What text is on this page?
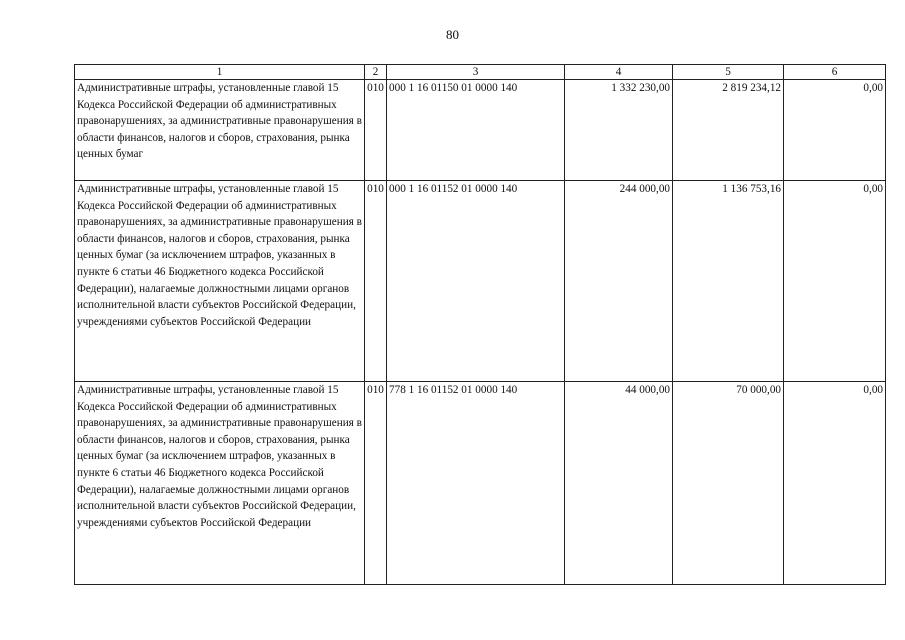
80
1	2	3	4	5	6
Административные штрафы, установленные главой 15 Кодекса Российской Федерации об административных правонарушениях, за административные правонарушения в области финансов, налогов и сборов, страхования, рынка ценных бумаг	010	000 1 16 01150 01 0000 140	1 332 230,00	2 819 234,12	0,00
Административные штрафы, установленные главой 15 Кодекса Российской Федерации об административных правонарушениях, за административные правонарушения в области финансов, налогов и сборов, страхования, рынка ценных бумаг (за исключением штрафов, указанных в пункте 6 статьи 46 Бюджетного кодекса Российской Федерации), налагаемые должностными лицами органов исполнительной власти субъектов Российской Федерации, учреждениями субъектов Российской Федерации	010	000 1 16 01152 01 0000 140	244 000,00	1 136 753,16	0,00
Административные штрафы, установленные главой 15 Кодекса Российской Федерации об административных правонарушениях, за административные правонарушения в области финансов, налогов и сборов, страхования, рынка ценных бумаг (за исключением штрафов, указанных в пункте 6 статьи 46 Бюджетного кодекса Российской Федерации), налагаемые должностными лицами органов исполнительной власти субъектов Российской Федерации, учреждениями субъектов Российской Федерации	010	778 1 16 01152 01 0000 140	44 000,00	70 000,00	0,00
